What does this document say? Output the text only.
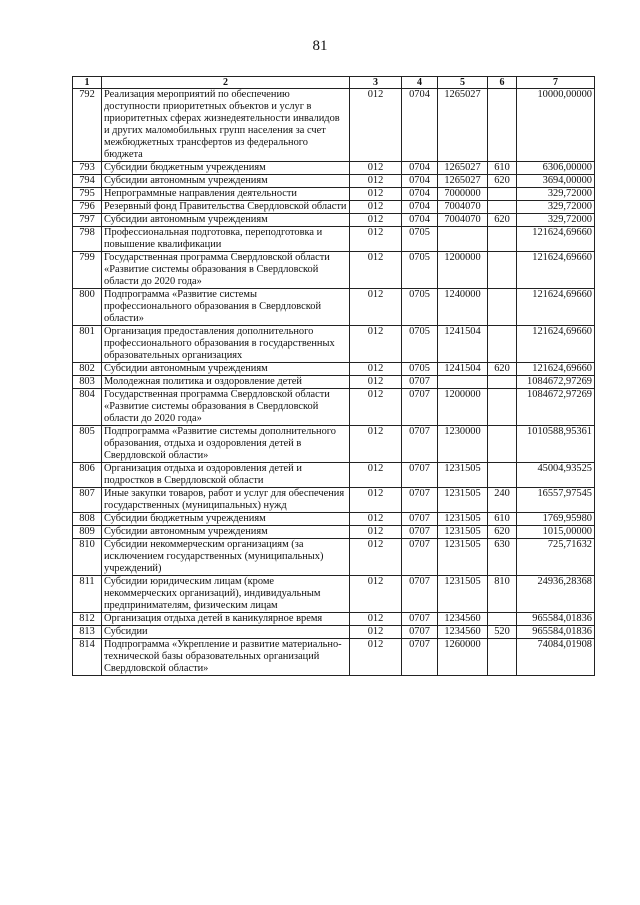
81
1	2	3	4	5	6	7
792	Реализация мероприятий по обеспечению доступности приоритетных объектов и услуг в приоритетных сферах жизнедеятельности инвалидов и других маломобильных групп населения за счет межбюджетных трансфертов из федерального бюджета	012	0704	1265027		10000,00000
793	Субсидии бюджетным учреждениям	012	0704	1265027	610	6306,00000
794	Субсидии автономным учреждениям	012	0704	1265027	620	3694,00000
795	Непрограммные направления деятельности	012	0704	7000000		329,72000
796	Резервный фонд Правительства Свердловской области	012	0704	7004070		329,72000
797	Субсидии автономным учреждениям	012	0704	7004070	620	329,72000
798	Профессиональная подготовка, переподготовка и повышение квалификации	012	0705			121624,69660
799	Государственная программа Свердловской области «Развитие системы образования в Свердловской области до 2020 года»	012	0705	1200000		121624,69660
800	Подпрограмма «Развитие системы профессионального образования в Свердловской области»	012	0705	1240000		121624,69660
801	Организация предоставления дополнительного профессионального образования в государственных образовательных организациях	012	0705	1241504		121624,69660
802	Субсидии автономным учреждениям	012	0705	1241504	620	121624,69660
803	Молодежная политика и оздоровление детей	012	0707			1084672,97269
804	Государственная программа Свердловской области «Развитие системы образования в Свердловской области до 2020 года»	012	0707	1200000		1084672,97269
805	Подпрограмма «Развитие системы дополнительного образования, отдыха и оздоровления детей в Свердловской области»	012	0707	1230000		1010588,95361
806	Организация отдыха и оздоровления детей и подростков в Свердловской области	012	0707	1231505		45004,93525
807	Иные закупки товаров, работ и услуг для обеспечения государственных (муниципальных) нужд	012	0707	1231505	240	16557,97545
808	Субсидии бюджетным учреждениям	012	0707	1231505	610	1769,95980
809	Субсидии автономным учреждениям	012	0707	1231505	620	1015,00000
810	Субсидии некоммерческим организациям (за исключением государственных (муниципальных) учреждений)	012	0707	1231505	630	725,71632
811	Субсидии юридическим лицам (кроме некоммерческих организаций), индивидуальным предпринимателям, физическим лицам	012	0707	1231505	810	24936,28368
812	Организация отдыха детей в каникулярное время	012	0707	1234560		965584,01836
813	Субсидии	012	0707	1234560	520	965584,01836
814	Подпрограмма «Укрепление и развитие материально-технической базы образовательных организаций Свердловской области»	012	0707	1260000		74084,01908
